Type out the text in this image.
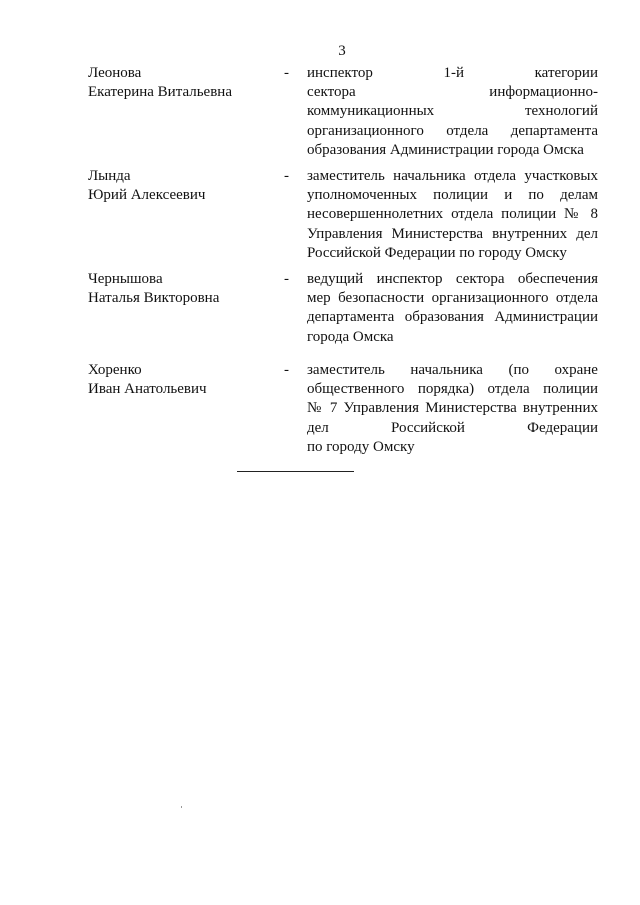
3
Леонова
Екатерина Витальевна
- инспектор	1-й	категории
сектора	информационно-
коммуникационных	технологий
организационного отдела департамента
образования Администрации города Омска
Лында
Юрий Алексеевич
- заместитель начальника отдела участковых
уполномоченных полиции и по делам
несовершеннолетних отдела полиции № 8
Управления Министерства внутренних дел
Российской Федерации по городу Омску
Чернышова
Наталья Викторовна
- ведущий инспектор сектора обеспечения
мер безопасности организационного отдела
департамента образования Администрации
города Омска
Хоренко
Иван Анатольевич
- заместитель начальника (по охране
общественного порядка) отдела полиции
№ 7 Управления Министерства внутренних
дел	Российской	Федерации
по городу Омску
